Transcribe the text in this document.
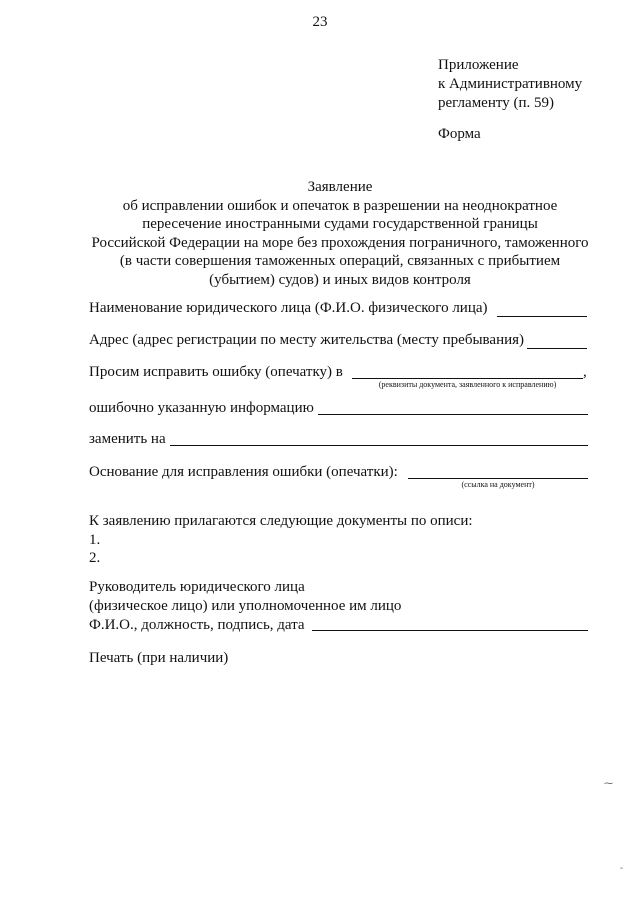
23
Приложение
к Административному
регламенту (п. 59)
Форма
Заявление
об исправлении ошибок и опечаток в разрешении на неоднократное
пересечение иностранными судами государственной границы
Российской Федерации на море без прохождения пограничного, таможенного
(в части совершения таможенных операций, связанных с прибытием
(убытием) судов) и иных видов контроля
Наименование юридического лица (Ф.И.О. физического лица)
Адрес (адрес регистрации по месту жительства (месту пребывания)
Просим исправить ошибку (опечатку) в	,
(реквизиты документа, заявленного к исправлению)
ошибочно указанную информацию
заменить на
Основание для исправления ошибки (опечатки):
(ссылка на документ)
К заявлению прилагаются следующие документы по описи:
1.
2.
Руководитель юридического лица
(физическое лицо) или уполномоченное им лицо
Ф.И.О., должность, подпись, дата
Печать (при наличии)
⁓
˜
